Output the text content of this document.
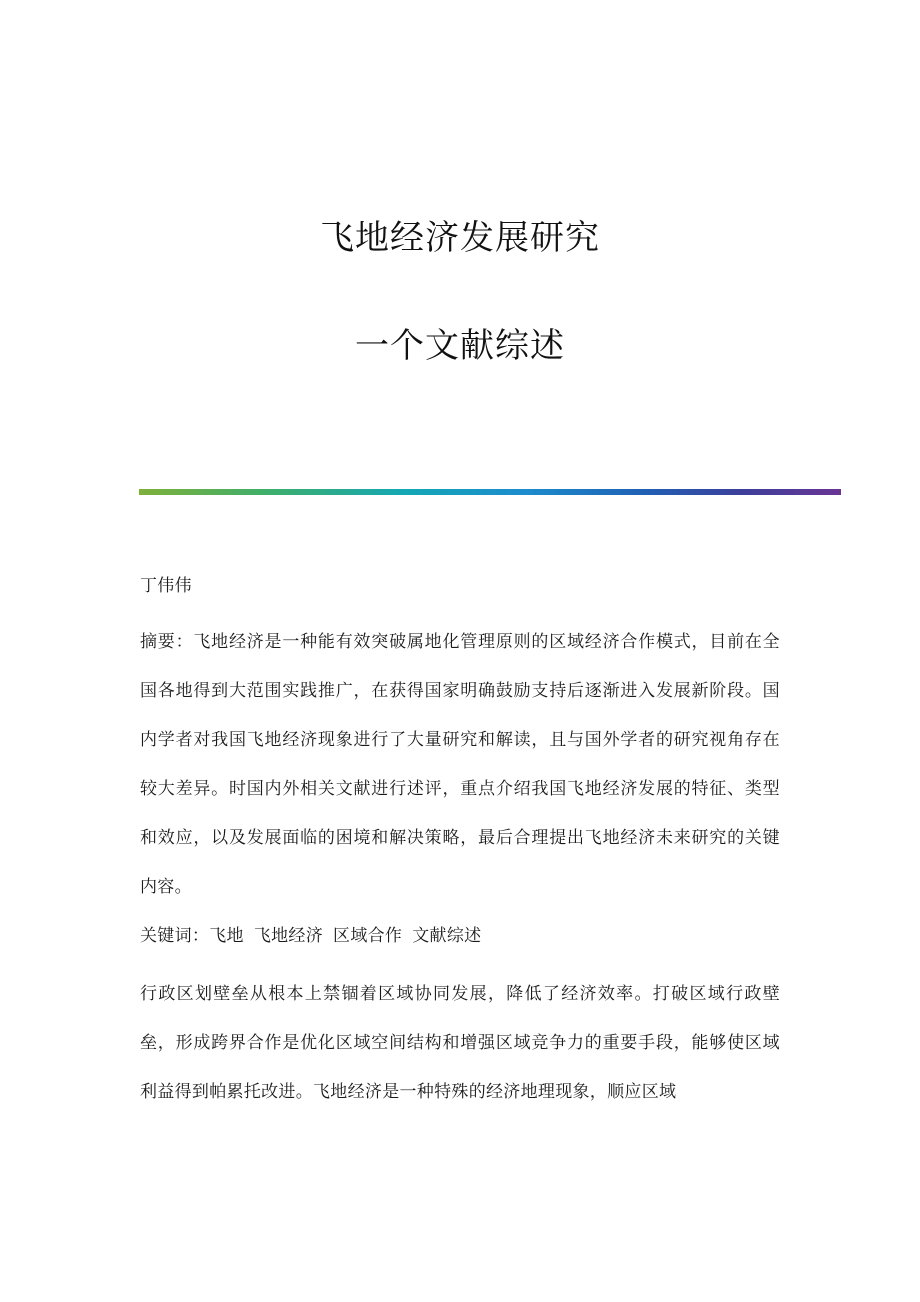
飞地经济发展研究
一个文献综述
丁伟伟
摘要：飞地经济是一种能有效突破属地化管理原则的区域经济合作模式，目前在全国各地得到大范围实践推广，在获得国家明确鼓励支持后逐渐进入发展新阶段。国内学者对我国飞地经济现象进行了大量研究和解读，且与国外学者的研究视角存在较大差异。时国内外相关文献进行述评，重点介绍我国飞地经济发展的特征、类型和效应，以及发展面临的困境和解决策略，最后合理提出飞地经济未来研究的关键内容。
关键词：飞地 飞地经济 区域合作 文献综述
行政区划壁垒从根本上禁锢着区域协同发展，降低了经济效率。打破区域行政壁垒，形成跨界合作是优化区域空间结构和增强区域竞争力的重要手段，能够使区域利益得到帕累托改进。飞地经济是一种特殊的经济地理现象，顺应区域
